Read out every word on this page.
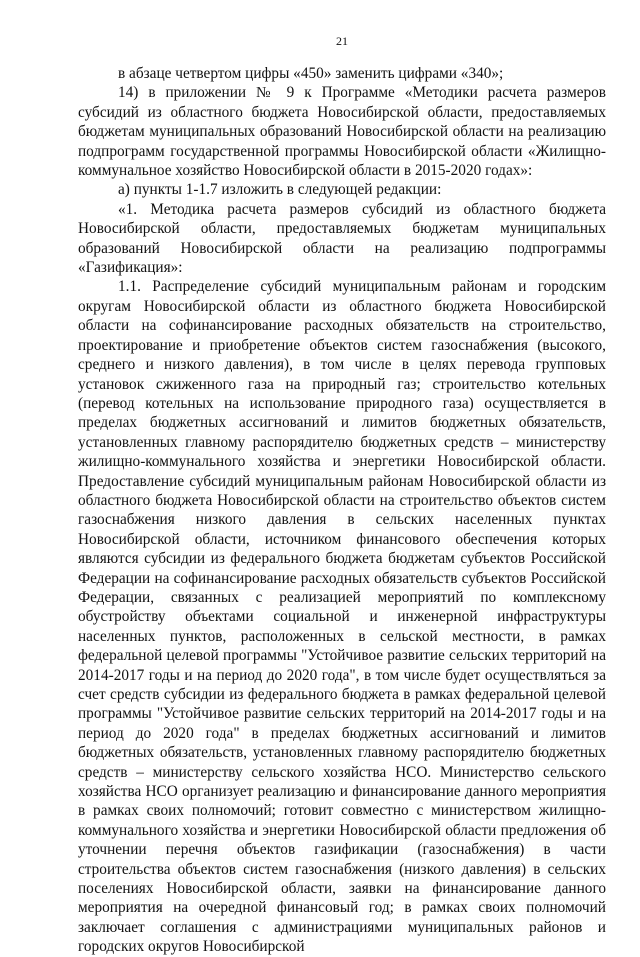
21

в абзаце четвертом цифры «450» заменить цифрами «340»;

14) в приложении № 9 к Программе «Методики расчета размеров субсидий из областного бюджета Новосибирской области, предоставляемых бюджетам муниципальных образований Новосибирской области на реализацию подпрограмм государственной программы Новосибирской области «Жилищно-коммунальное хозяйство Новосибирской области в 2015-2020 годах»:

а) пункты 1-1.7 изложить в следующей редакции:

«1. Методика расчета размеров субсидий из областного бюджета Новосибирской области, предоставляемых бюджетам муниципальных образований Новосибирской области на реализацию подпрограммы «Газификация»:

1.1. Распределение субсидий муниципальным районам и городским округам Новосибирской области из областного бюджета Новосибирской области на софинансирование расходных обязательств на строительство, проектирование и приобретение объектов систем газоснабжения (высокого, среднего и низкого давления), в том числе в целях перевода групповых установок сжиженного газа на природный газ; строительство котельных (перевод котельных на использование природного газа) осуществляется в пределах бюджетных ассигнований и лимитов бюджетных обязательств, установленных главному распорядителю бюджетных средств – министерству жилищно-коммунального хозяйства и энергетики Новосибирской области. Предоставление субсидий муниципальным районам Новосибирской области из областного бюджета Новосибирской области на строительство объектов систем газоснабжения низкого давления в сельских населенных пунктах Новосибирской области, источником финансового обеспечения которых являются субсидии из федерального бюджета бюджетам субъектов Российской Федерации на софинансирование расходных обязательств субъектов Российской Федерации, связанных с реализацией мероприятий по комплексному обустройству объектами социальной и инженерной инфраструктуры населенных пунктов, расположенных в сельской местности, в рамках федеральной целевой программы "Устойчивое развитие сельских территорий на 2014-2017 годы и на период до 2020 года", в том числе будет осуществляться за счет средств субсидии из федерального бюджета в рамках федеральной целевой программы "Устойчивое развитие сельских территорий на 2014-2017 годы и на период до 2020 года" в пределах бюджетных ассигнований и лимитов бюджетных обязательств, установленных главному распорядителю бюджетных средств – министерству сельского хозяйства НСО. Министерство сельского хозяйства НСО организует реализацию и финансирование данного мероприятия в рамках своих полномочий; готовит совместно с министерством жилищно-коммунального хозяйства и энергетики Новосибирской области предложения об уточнении перечня объектов газификации (газоснабжения) в части строительства объектов систем газоснабжения (низкого давления) в сельских поселениях Новосибирской области, заявки на финансирование данного мероприятия на очередной финансовый год; в рамках своих полномочий заключает соглашения с администрациями муниципальных районов и городских округов Новосибирской
